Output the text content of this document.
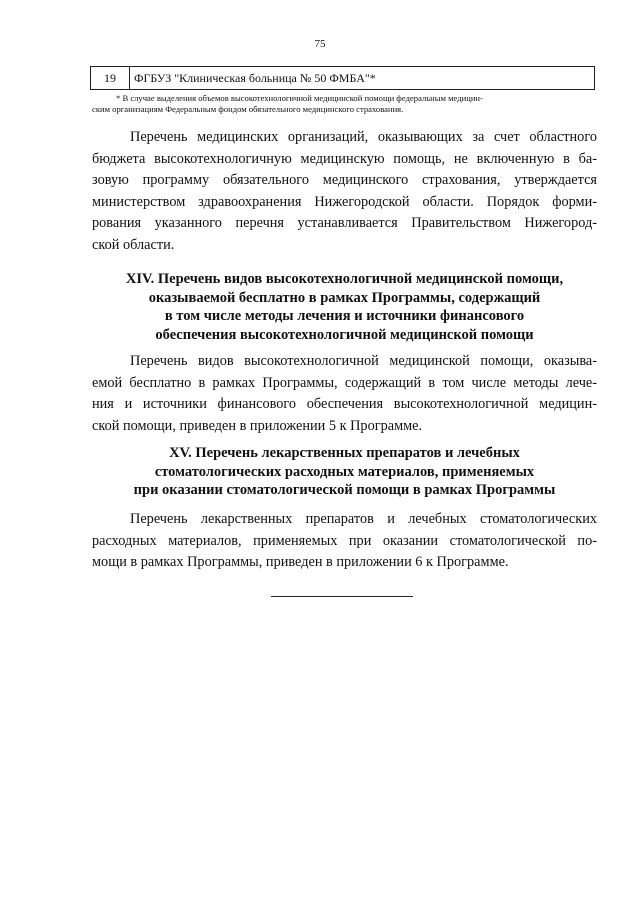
75
19	ФГБУЗ "Клиническая больница № 50 ФМБА"*
* В случае выделения объемов высокотехнологичной медицинской помощи федеральным медицин-
ским организациям Федеральным фондом обязательного медицинского страхования.
Перечень медицинских организаций, оказывающих за счет областного
бюджета высокотехнологичную медицинскую помощь, не включенную в ба-
зовую программу обязательного медицинского страхования, утверждается
министерством здравоохранения Нижегородской области. Порядок форми-
рования указанного перечня устанавливается Правительством Нижегород-
ской области.
XIV. Перечень видов высокотехнологичной медицинской помощи,
оказываемой бесплатно в рамках Программы, содержащий
в том числе методы лечения и источники финансового
обеспечения высокотехнологичной медицинской помощи
Перечень видов высокотехнологичной медицинской помощи, оказыва-
емой бесплатно в рамках Программы, содержащий в том числе методы лече-
ния и источники финансового обеспечения высокотехнологичной медицин-
ской помощи, приведен в приложении 5 к Программе.
XV. Перечень лекарственных препаратов и лечебных
стоматологических расходных материалов, применяемых
при оказании стоматологической помощи в рамках Программы
Перечень лекарственных препаратов и лечебных стоматологических
расходных материалов, применяемых при оказании стоматологической по-
мощи в рамках Программы, приведен в приложении 6 к Программе.
